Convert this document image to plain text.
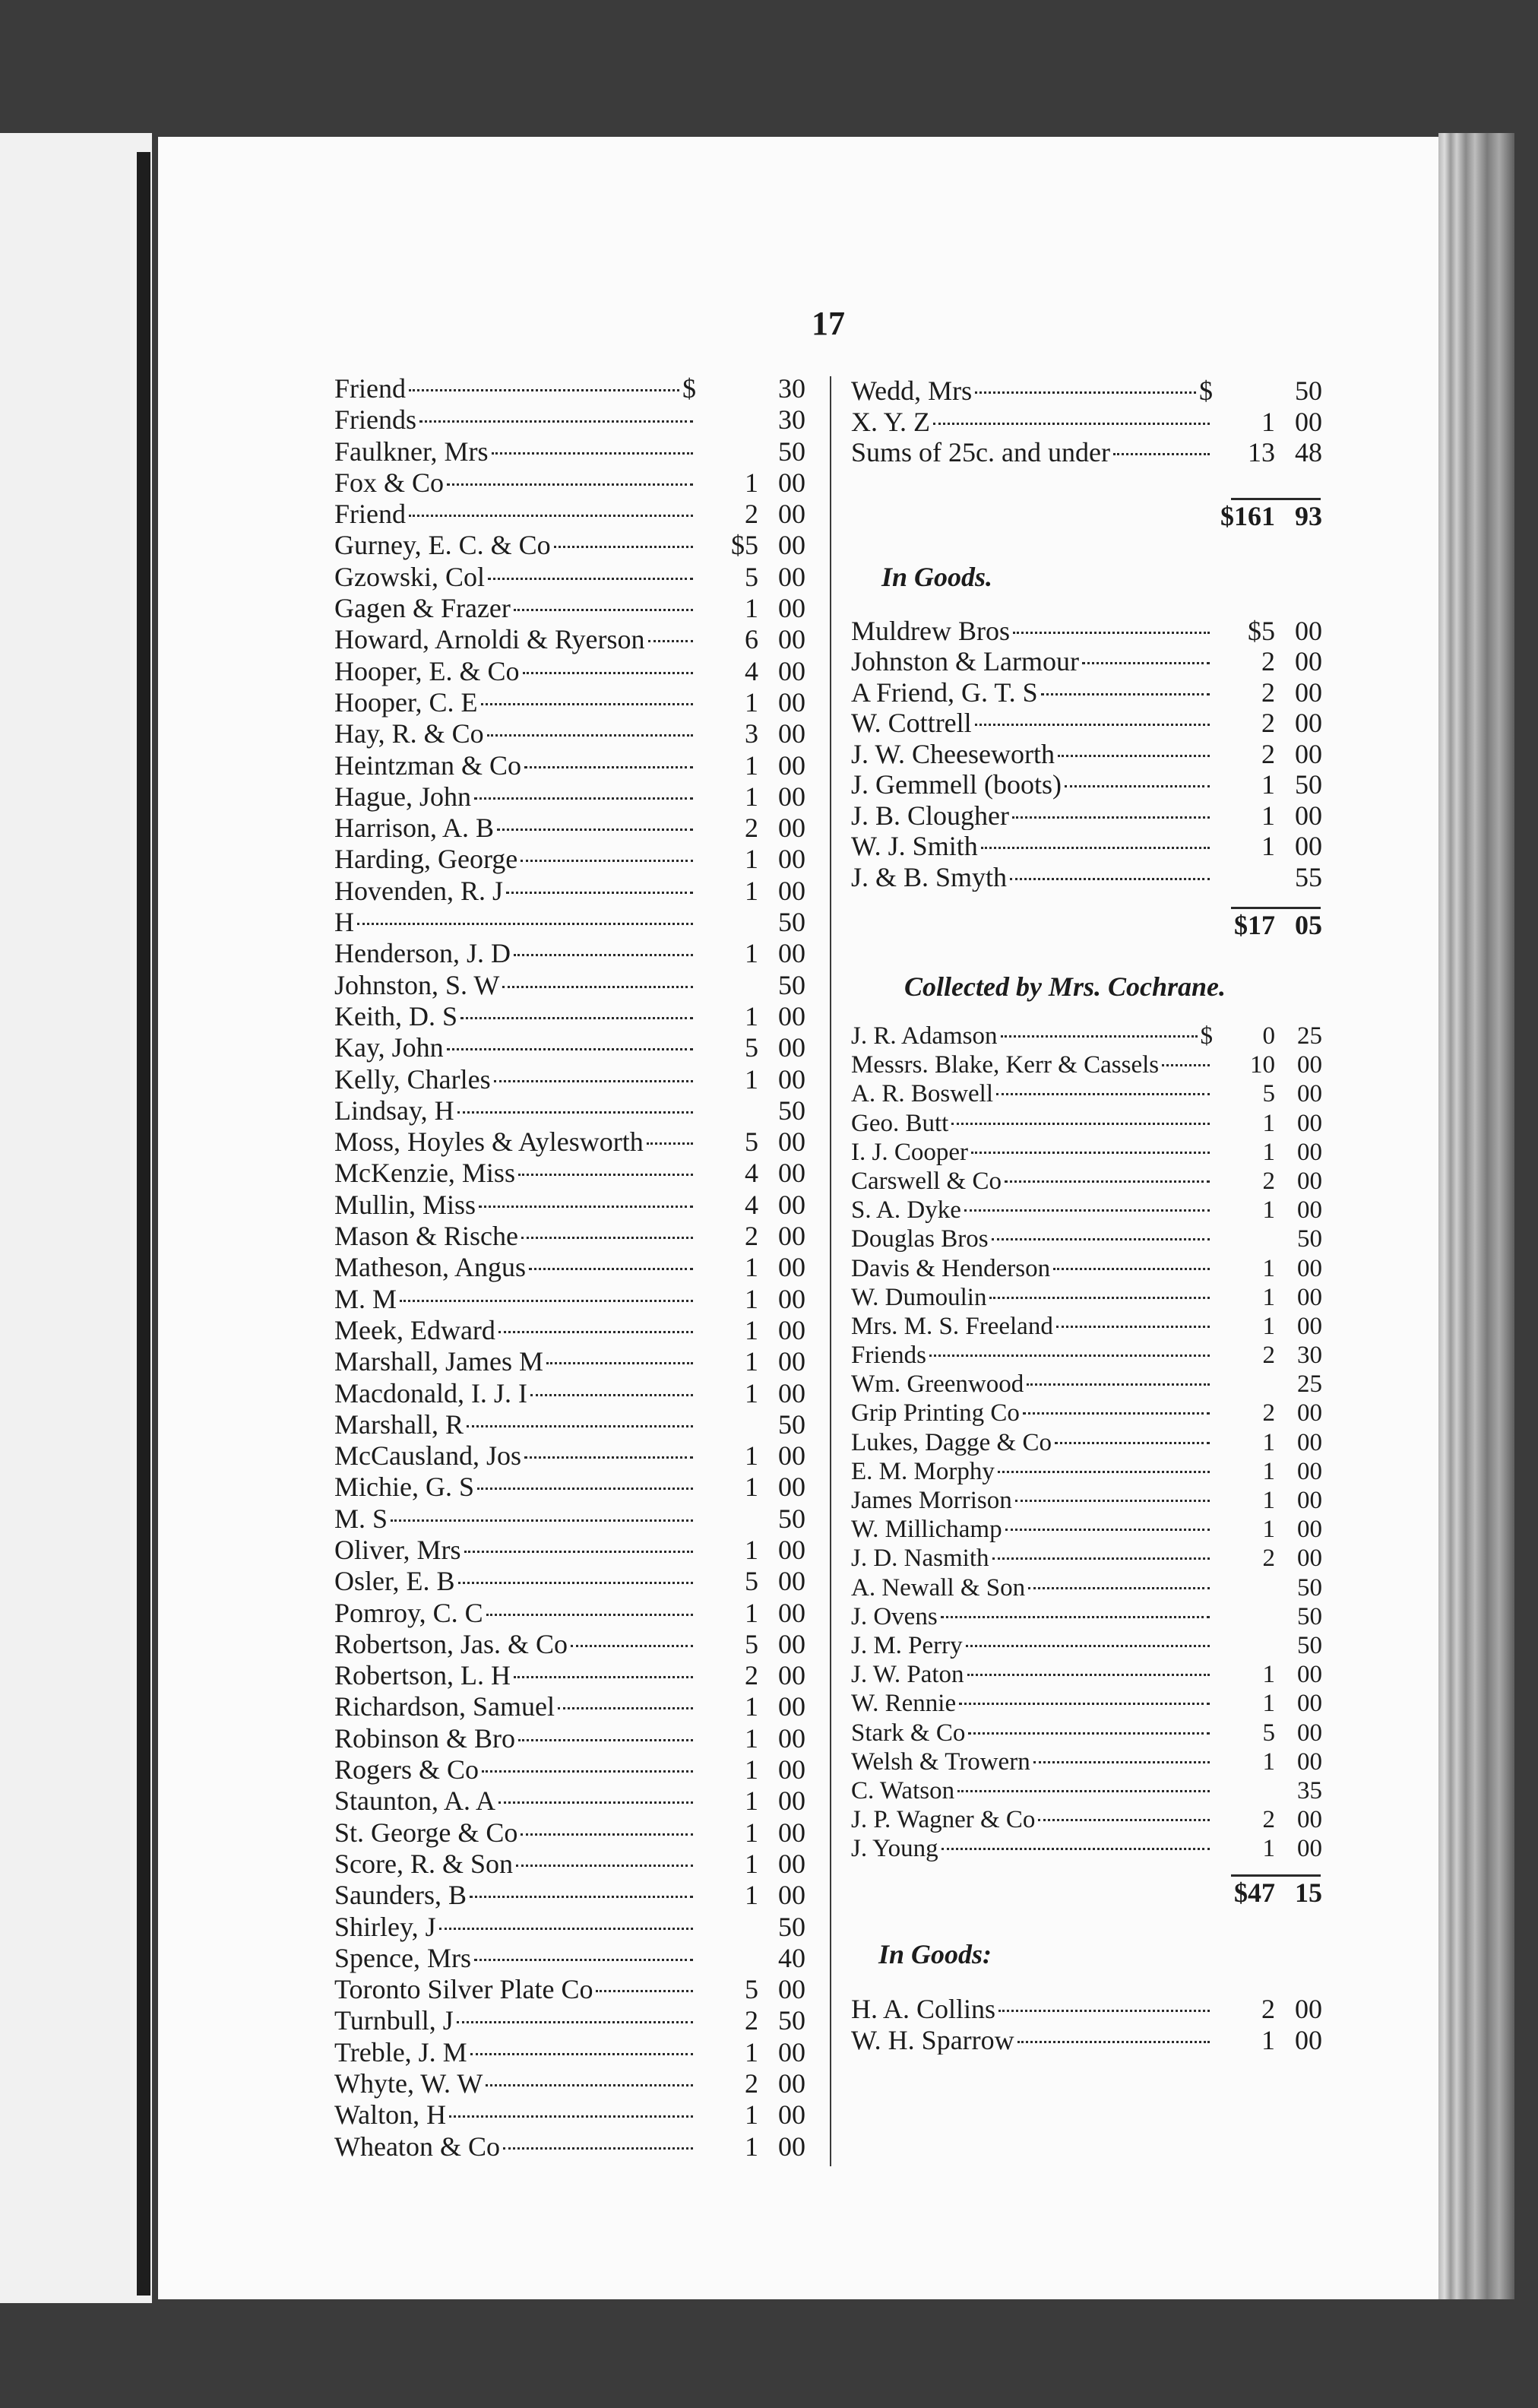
17
Friend	$	30
Friends	30
Faulkner, Mrs	50
Fox & Co	1 00
Friend	2 00
Gurney, E. C. & Co	$5 00
Gzowski, Col	5 00
Gagen & Frazer	1 00
Howard, Arnoldi & Ryerson	6 00
Hooper, E. & Co	4 00
Hooper, C. E	1 00
Hay, R. & Co	3 00
Heintzman & Co	1 00
Hague, John	1 00
Harrison, A. B	2 00
Harding, George	1 00
Hovenden, R. J	1 00
H	50
Henderson, J. D	1 00
Johnston, S. W	50
Keith, D. S	1 00
Kay, John	5 00
Kelly, Charles	1 00
Lindsay, H	50
Moss, Hoyles & Aylesworth	5 00
McKenzie, Miss	4 00
Mullin, Miss	4 00
Mason & Rische	2 00
Matheson, Angus	1 00
M. M	1 00
Meek, Edward	1 00
Marshall, James M	1 00
Macdonald, I. J. I	1 00
Marshall, R	50
McCausland, Jos	1 00
Michie, G. S	1 00
M. S	50
Oliver, Mrs	1 00
Osler, E. B	5 00
Pomroy, C. C	1 00
Robertson, Jas. & Co	5 00
Robertson, L. H	2 00
Richardson, Samuel	1 00
Robinson & Bro	1 00
Rogers & Co	1 00
Staunton, A. A	1 00
St. George & Co	1 00
Score, R. & Son	1 00
Saunders, B	1 00
Shirley, J	50
Spence, Mrs	40
Toronto Silver Plate Co	5 00
Turnbull, J	2 50
Treble, J. M	1 00
Whyte, W. W	2 00
Walton, H	1 00
Wheaton & Co	1 00
Wedd, Mrs	$	50
X. Y. Z	1 00
Sums of 25c. and under	13 48
$161 93
In Goods.
Muldrew Bros	$5 00
Johnston & Larmour	2 00
A Friend, G. T. S	2 00
W. Cottrell	2 00
J. W. Cheeseworth	2 00
J. Gemmell (boots)	1 50
J. B. Clougher	1 00
W. J. Smith	1 00
J. & B. Smyth	55
$17 05
Collected by Mrs. Cochrane.
J. R. Adamson	$	0 25
Messrs. Blake, Kerr & Cassels	10 00
A. R. Boswell	5 00
Geo. Butt	1 00
I. J. Cooper	1 00
Carswell & Co	2 00
S. A. Dyke	1 00
Douglas Bros	50
Davis & Henderson	1 00
W. Dumoulin	1 00
Mrs. M. S. Freeland	1 00
Friends	2 30
Wm. Greenwood	25
Grip Printing Co	2 00
Lukes, Dagge & Co	1 00
E. M. Morphy	1 00
James Morrison	1 00
W. Millichamp	1 00
J. D. Nasmith	2 00
A. Newall & Son	50
J. Ovens	50
J. M. Perry	50
J. W. Paton	1 00
W. Rennie	1 00
Stark & Co	5 00
Welsh & Trowern	1 00
C. Watson	35
J. P. Wagner & Co	2 00
J. Young	1 00
$47 15
In Goods:
H. A. Collins	2 00
W. H. Sparrow	1 00
